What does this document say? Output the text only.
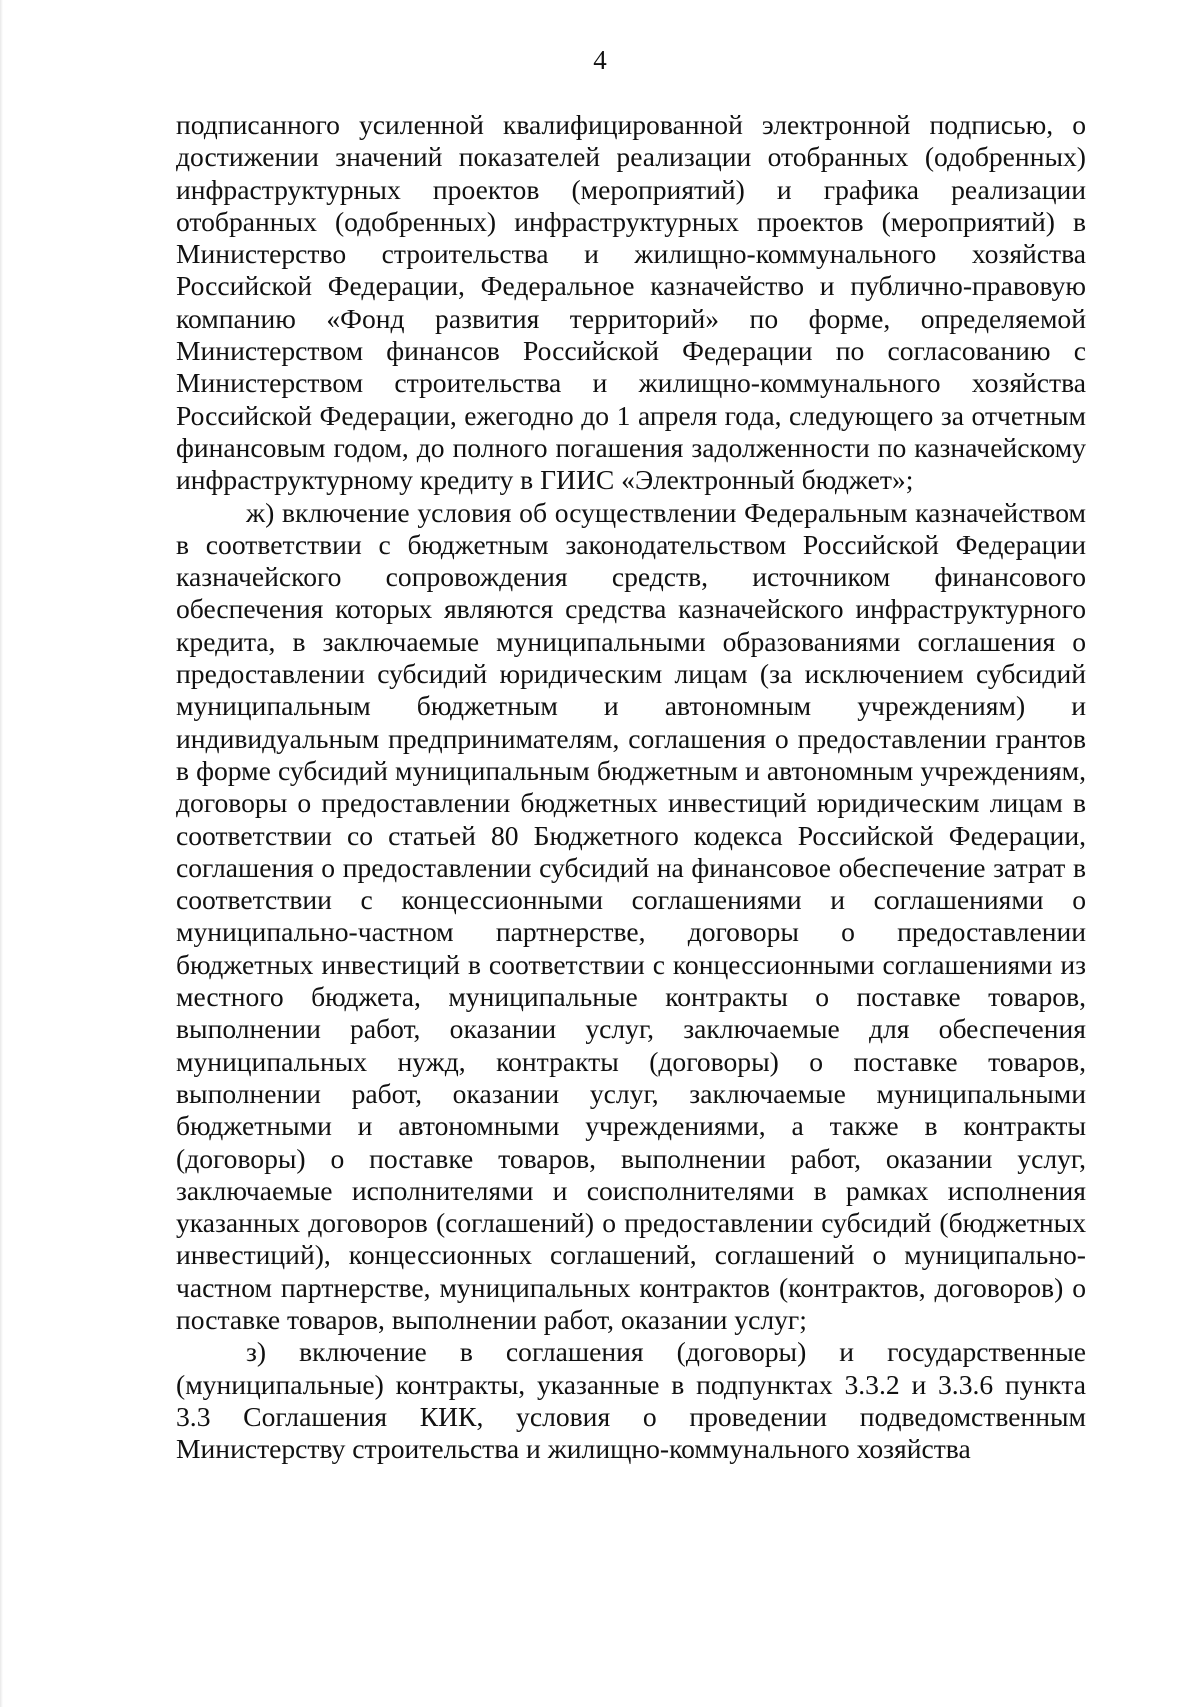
4

подписанного усиленной квалифицированной электронной подписью, о достижении значений показателей реализации отобранных (одобренных) инфраструктурных проектов (мероприятий) и графика реализации отобранных (одобренных) инфраструктурных проектов (мероприятий) в Министерство строительства и жилищно-коммунального хозяйства Российской Федерации, Федеральное казначейство и публично-правовую компанию «Фонд развития территорий» по форме, определяемой Министерством финансов Российской Федерации по согласованию с Министерством строительства и жилищно-коммунального хозяйства Российской Федерации, ежегодно до 1 апреля года, следующего за отчетным финансовым годом, до полного погашения задолженности по казначейскому инфраструктурному кредиту в ГИИС «Электронный бюджет»;

ж) включение условия об осуществлении Федеральным казначейством в соответствии с бюджетным законодательством Российской Федерации казначейского сопровождения средств, источником финансового обеспечения которых являются средства казначейского инфраструктурного кредита, в заключаемые муниципальными образованиями соглашения о предоставлении субсидий юридическим лицам (за исключением субсидий муниципальным бюджетным и автономным учреждениям) и индивидуальным предпринимателям, соглашения о предоставлении грантов в форме субсидий муниципальным бюджетным и автономным учреждениям, договоры о предоставлении бюджетных инвестиций юридическим лицам в соответствии со статьей 80 Бюджетного кодекса Российской Федерации, соглашения о предоставлении субсидий на финансовое обеспечение затрат в соответствии с концессионными соглашениями и соглашениями о муниципально-частном партнерстве, договоры о предоставлении бюджетных инвестиций в соответствии с концессионными соглашениями из местного бюджета, муниципальные контракты о поставке товаров, выполнении работ, оказании услуг, заключаемые для обеспечения муниципальных нужд, контракты (договоры) о поставке товаров, выполнении работ, оказании услуг, заключаемые муниципальными бюджетными и автономными учреждениями, а также в контракты (договоры) о поставке товаров, выполнении работ, оказании услуг, заключаемые исполнителями и соисполнителями в рамках исполнения указанных договоров (соглашений) о предоставлении субсидий (бюджетных инвестиций), концессионных соглашений, соглашений о муниципально-частном партнерстве, муниципальных контрактов (контрактов, договоров) о поставке товаров, выполнении работ, оказании услуг;

з) включение в соглашения (договоры) и государственные (муниципальные) контракты, указанные в подпунктах 3.3.2 и 3.3.6 пункта 3.3 Соглашения КИК, условия о проведении подведомственным Министерству строительства и жилищно-коммунального хозяйства
